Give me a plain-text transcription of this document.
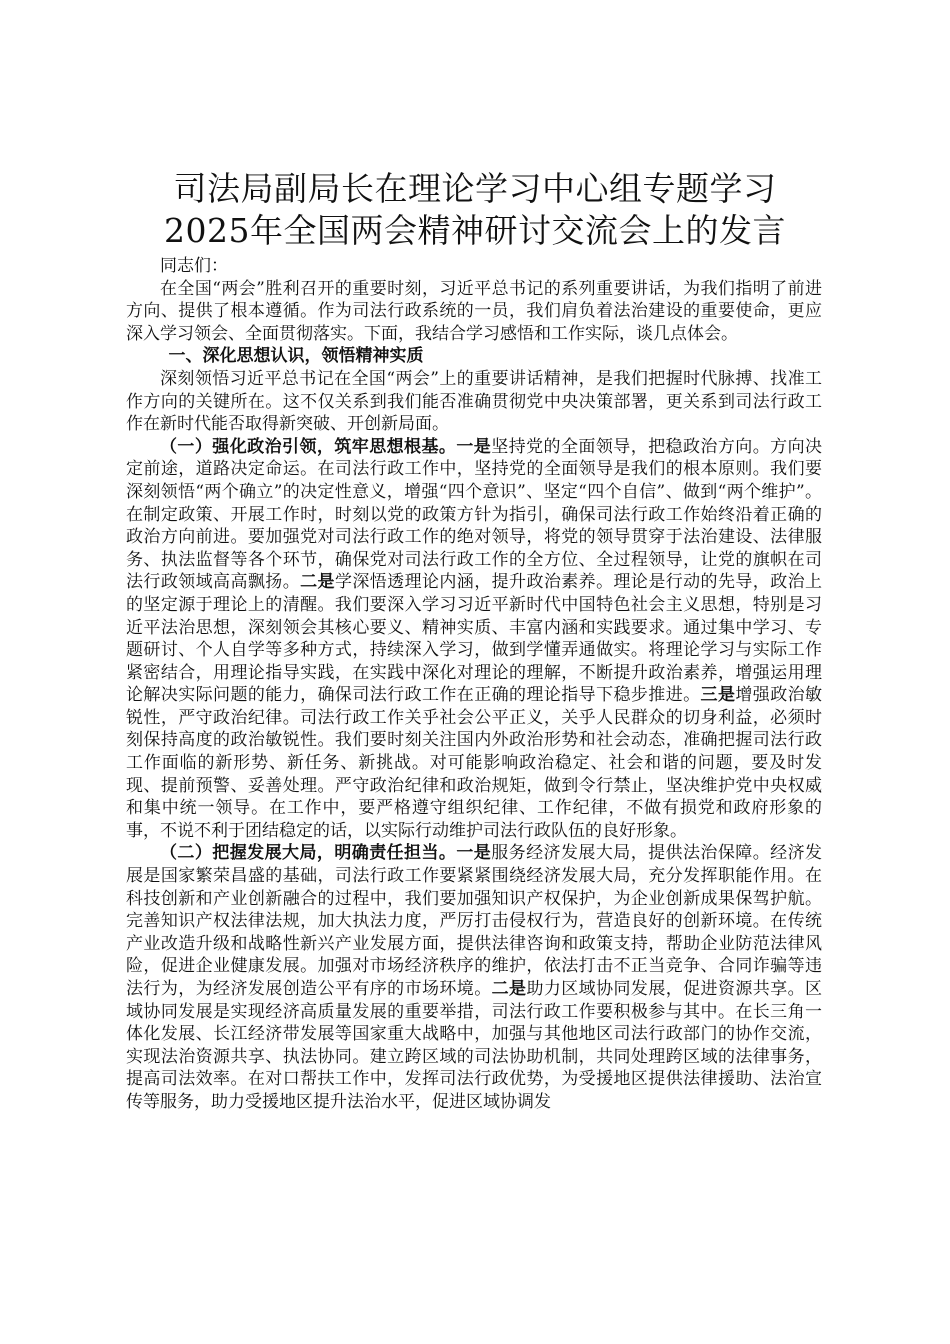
司法局副局长在理论学习中心组专题学习
2025年全国两会精神研讨交流会上的发言

同志们：

在全国“两会”胜利召开的重要时刻，习近平总书记的系列重要讲话，为我们指明了前进方向、提供了根本遵循。作为司法行政系统的一员，我们肩负着法治建设的重要使命，更应深入学习领会、全面贯彻落实。下面，我结合学习感悟和工作实际，谈几点体会。

一、深化思想认识，领悟精神实质

深刻领悟习近平总书记在全国“两会”上的重要讲话精神，是我们把握时代脉搏、找准工作方向的关键所在。这不仅关系到我们能否准确贯彻党中央决策部署，更关系到司法行政工作在新时代能否取得新突破、开创新局面。

（一）强化政治引领，筑牢思想根基。一是坚持党的全面领导，把稳政治方向。方向决定前途，道路决定命运。在司法行政工作中，坚持党的全面领导是我们的根本原则。我们要深刻领悟“两个确立”的决定性意义，增强“四个意识”、坚定“四个自信”、做到“两个维护”。在制定政策、开展工作时，时刻以党的政策方针为指引，确保司法行政工作始终沿着正确的政治方向前进。要加强党对司法行政工作的绝对领导，将党的领导贯穿于法治建设、法律服务、执法监督等各个环节，确保党对司法行政工作的全方位、全过程领导，让党的旗帜在司法行政领域高高飘扬。二是学深悟透理论内涵，提升政治素养。理论是行动的先导，政治上的坚定源于理论上的清醒。我们要深入学习习近平新时代中国特色社会主义思想，特别是习近平法治思想，深刻领会其核心要义、精神实质、丰富内涵和实践要求。通过集中学习、专题研讨、个人自学等多种方式，持续深入学习，做到学懂弄通做实。将理论学习与实际工作紧密结合，用理论指导实践，在实践中深化对理论的理解，不断提升政治素养，增强运用理论解决实际问题的能力，确保司法行政工作在正确的理论指导下稳步推进。三是增强政治敏锐性，严守政治纪律。司法行政工作关乎社会公平正义，关乎人民群众的切身利益，必须时刻保持高度的政治敏锐性。我们要时刻关注国内外政治形势和社会动态，准确把握司法行政工作面临的新形势、新任务、新挑战。对可能影响政治稳定、社会和谐的问题，要及时发现、提前预警、妥善处理。严守政治纪律和政治规矩，做到令行禁止，坚决维护党中央权威和集中统一领导。在工作中，要严格遵守组织纪律、工作纪律，不做有损党和政府形象的事，不说不利于团结稳定的话，以实际行动维护司法行政队伍的良好形象。

（二）把握发展大局，明确责任担当。一是服务经济发展大局，提供法治保障。经济发展是国家繁荣昌盛的基础，司法行政工作要紧紧围绕经济发展大局，充分发挥职能作用。在科技创新和产业创新融合的过程中，我们要加强知识产权保护，为企业创新成果保驾护航。完善知识产权法律法规，加大执法力度，严厉打击侵权行为，营造良好的创新环境。在传统产业改造升级和战略性新兴产业发展方面，提供法律咨询和政策支持，帮助企业防范法律风险，促进企业健康发展。加强对市场经济秩序的维护，依法打击不正当竞争、合同诈骗等违法行为，为经济发展创造公平有序的市场环境。二是助力区域协同发展，促进资源共享。区域协同发展是实现经济高质量发展的重要举措，司法行政工作要积极参与其中。在长三角一体化发展、长江经济带发展等国家重大战略中，加强与其他地区司法行政部门的协作交流，实现法治资源共享、执法协同。建立跨区域的司法协助机制，共同处理跨区域的法律事务，提高司法效率。在对口帮扶工作中，发挥司法行政优势，为受援地区提供法律援助、法治宣传等服务，助力受援地区提升法治水平，促进区域协调发
